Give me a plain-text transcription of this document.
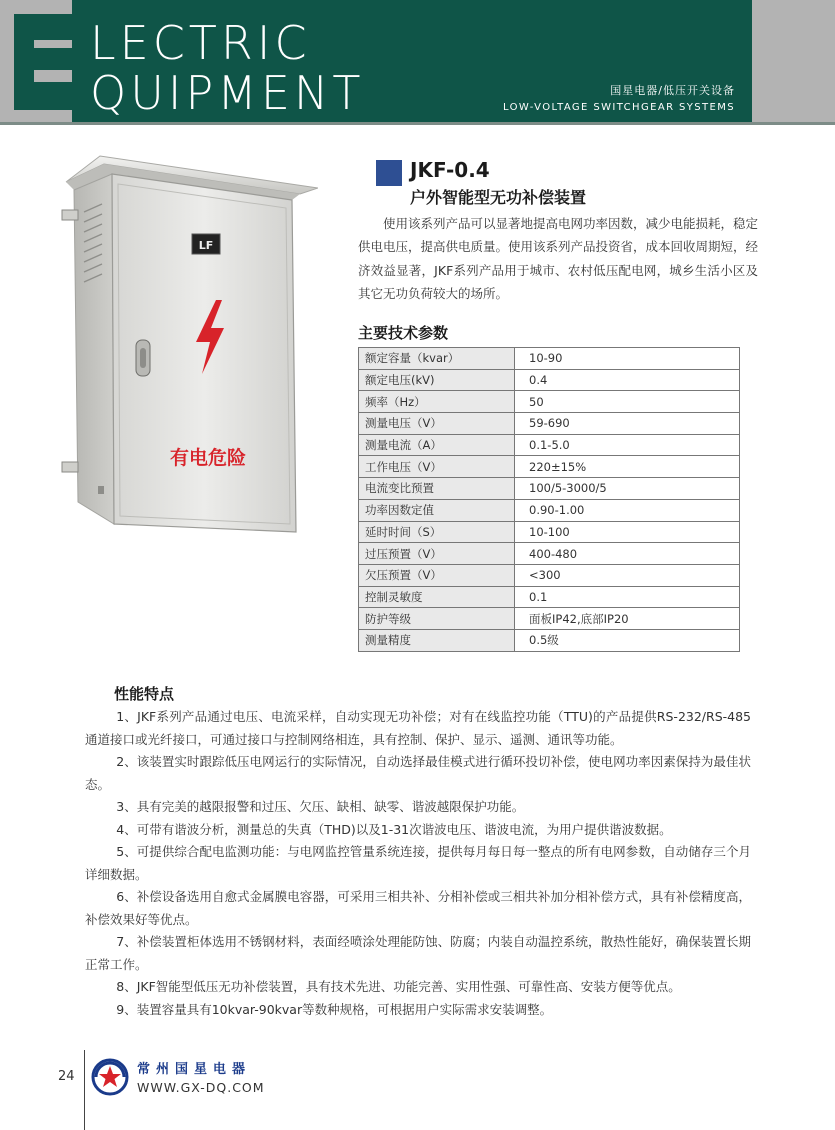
LECTRIC
QUIPMENT	国星电器/低压开关设备
LOW-VOLTAGE SWITCHGEAR SYSTEMS
LF
有电危险
JKF-0.4
户外智能型无功补偿装置

使用该系列产品可以显著地提高电网功率因数，减少电能损耗，稳定供电电压，提高供电质量。使用该系列产品投资省，成本回收周期短，经济效益显著，JKF系列产品用于城市、农村低压配电网，城乡生活小区及其它无功负荷较大的场所。

主要技术参数
额定容量（kvar）	10-90
额定电压(kV)	0.4
频率（Hz）	50
测量电压（V）	59-690
测量电流（A）	0.1-5.0
工作电压（V）	220±15%
电流变比预置	100/5-3000/5
功率因数定值	0.90-1.00
延时时间（S）	10-100
过压预置（V）	400-480
欠压预置（V）	<300
控制灵敏度	0.1
防护等级	面板IP42,底部IP20
测量精度	0.5级
性能特点
1、JKF系列产品通过电压、电流采样，自动实现无功补偿；对有在线监控功能（TTU)的产品提供RS-232/RS-485通道接口或光纤接口，可通过接口与控制网络相连，具有控制、保护、显示、遥测、通讯等功能。
2、该装置实时跟踪低压电网运行的实际情况，自动选择最佳模式进行循环投切补偿，使电网功率因素保持为最佳状态。
3、具有完美的越限报警和过压、欠压、缺相、缺零、谐波越限保护功能。
4、可带有谐波分析，测量总的失真（THD)以及1-31次谐波电压、谐波电流，为用户提供谐波数据。
5、可提供综合配电监测功能：与电网监控管量系统连接，提供每月每日每一整点的所有电网参数，自动储存三个月详细数据。
6、补偿设备选用自愈式金属膜电容器，可采用三相共补、分相补偿或三相共补加分相补偿方式，具有补偿精度高，补偿效果好等优点。
7、补偿装置柜体选用不锈钢材料，表面经喷涂处理能防蚀、防腐；内装自动温控系统，散热性能好，确保装置长期正常工作。
8、JKF智能型低压无功补偿装置，具有技术先进、功能完善、实用性强、可靠性高、安装方便等优点。
9、装置容量具有10kvar-90kvar等数种规格，可根据用户实际需求安装调整。
24	常州国星电器
WWW.GX-DQ.COM
